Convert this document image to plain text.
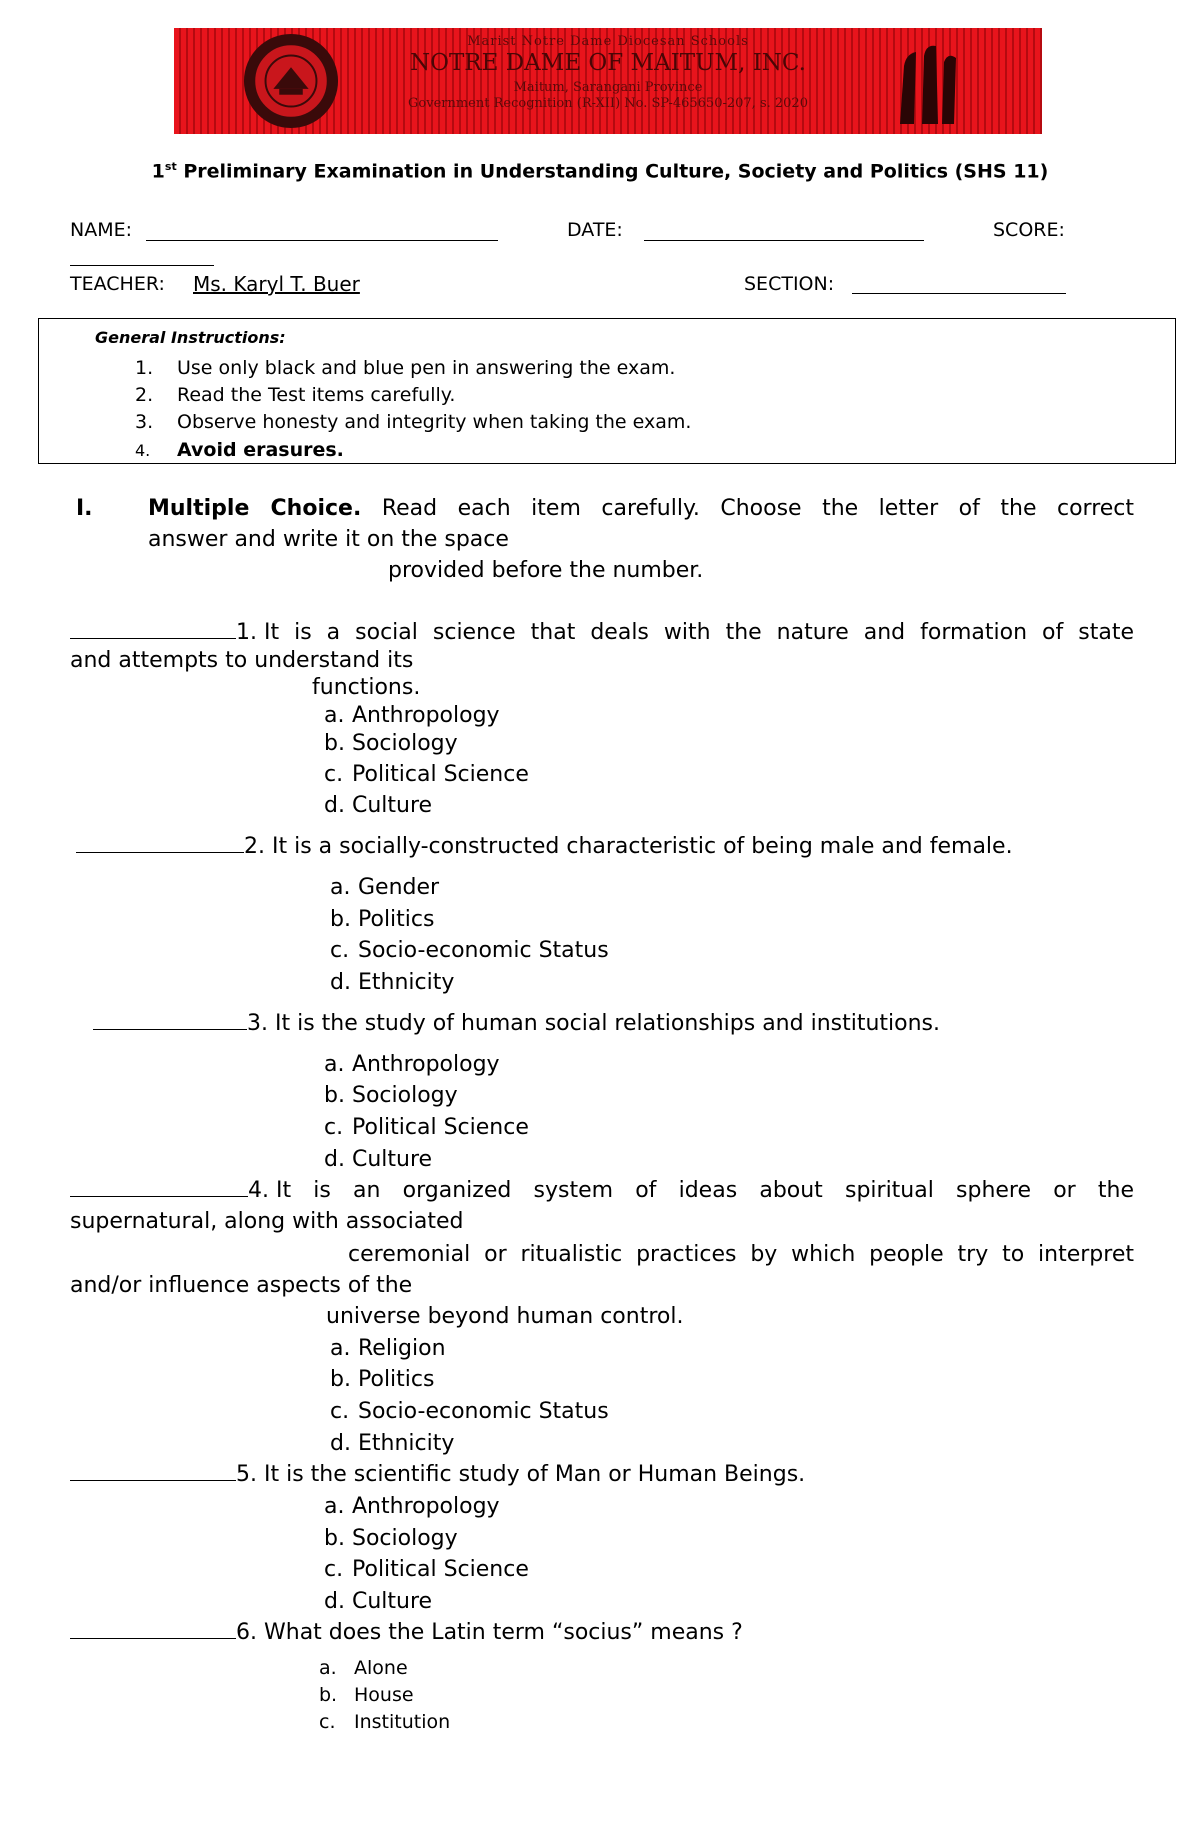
Marist Notre Dame Diocesan Schools
NOTRE DAME OF MAITUM, INC.
Maitum, Sarangani Province
Government Recognition (R-XII) No. SP-465650-207, s. 2020
1st Preliminary Examination in Understanding Culture, Society and Politics (SHS 11)
NAME:	DATE:	SCORE:
TEACHER: Ms. Karyl T. Buer	SECTION:
General Instructions:
1. Use only black and blue pen in answering the exam.
2. Read the Test items carefully.
3. Observe honesty and integrity when taking the exam.
4. Avoid erasures.
I.	Multiple Choice. Read each item carefully. Choose the letter of the correct
answer and write it on the space
provided before the number.
1.
It is a social science that deals with the nature and formation of state
and attempts to understand its
functions.
a. Anthropology
b. Sociology
c. Political Science
d. Culture
2. It is a socially-constructed characteristic of being male and female.
a. Gender
b. Politics
c. Socio-economic Status
d. Ethnicity
3. It is the study of human social relationships and institutions.
a. Anthropology
b. Sociology
c. Political Science
d. Culture
4.
It is an organized system of ideas about spiritual sphere or the
supernatural, along with associated
ceremonial or ritualistic practices by which people try to interpret
and/or influence aspects of the
universe beyond human control.
a. Religion
b. Politics
c. Socio-economic Status
d. Ethnicity
5. It is the scientific study of Man or Human Beings.
a. Anthropology
b. Sociology
c. Political Science
d. Culture
6. What does the Latin term “socius” means ?
a. Alone
b. House
c. Institution
